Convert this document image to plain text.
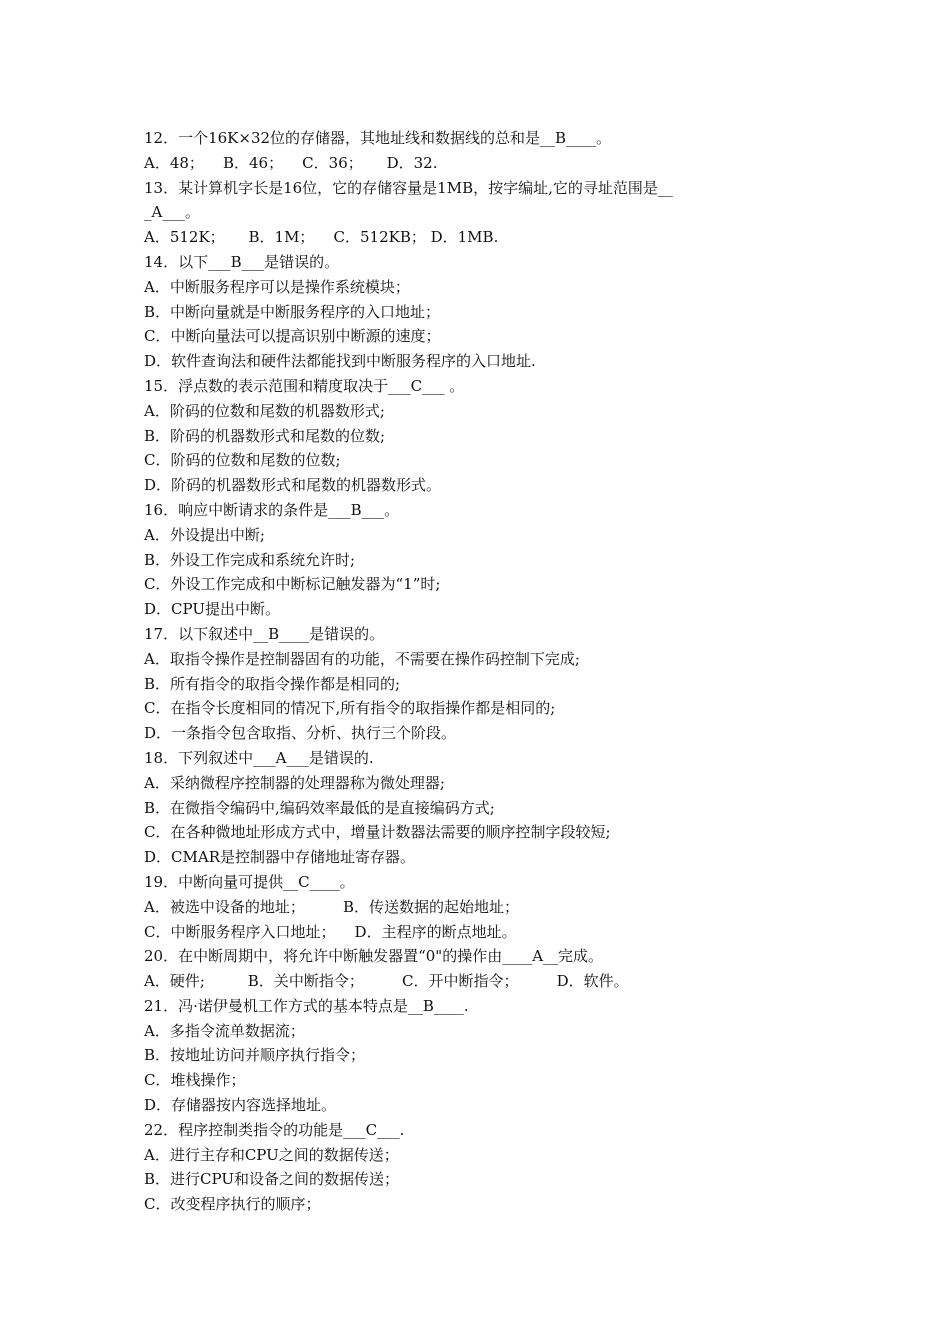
12．一个16K×32位的存储器，其地址线和数据线的总和是__B____。
A．48；    B．46；    C．36；     D．32.
13．某计算机字长是16位，它的存储容量是1MB，按字编址,它的寻址范围是__
_A___。
A．512K；     B．1M；    C．512KB； D．1MB.
14．以下___B___是错误的。
A．中断服务程序可以是操作系统模块；
B．中断向量就是中断服务程序的入口地址；
C．中断向量法可以提高识别中断源的速度；
D．软件查询法和硬件法都能找到中断服务程序的入口地址.
15．浮点数的表示范围和精度取决于___C___ 。
A．阶码的位数和尾数的机器数形式;
B．阶码的机器数形式和尾数的位数;
C．阶码的位数和尾数的位数;
D．阶码的机器数形式和尾数的机器数形式。
16．响应中断请求的条件是___B___。
A．外设提出中断;
B．外设工作完成和系统允许时;
C．外设工作完成和中断标记触发器为“1”时;
D．CPU提出中断。
17．以下叙述中__B____是错误的。
A．取指令操作是控制器固有的功能，不需要在操作码控制下完成;
B．所有指令的取指令操作都是相同的;
C．在指令长度相同的情况下,所有指令的取指操作都是相同的;
D．一条指令包含取指、分析、执行三个阶段。
18．下列叙述中___A___是错误的.
A．采纳微程序控制器的处理器称为微处理器;
B．在微指令编码中,编码效率最低的是直接编码方式;
C．在各种微地址形成方式中，增量计数器法需要的顺序控制字段较短;
D．CMAR是控制器中存储地址寄存器。
19．中断向量可提供__C____。
A．被选中设备的地址；        B．传送数据的起始地址；
C．中断服务程序入口地址；    D．主程序的断点地址。
20．在中断周期中，将允许中断触发器置“0"的操作由____A__完成。
A．硬件;         B．关中断指令；        C．开中断指令；        D．软件。
21．冯·诺伊曼机工作方式的基本特点是__B____.
A．多指令流单数据流；
B．按地址访问并顺序执行指令；
C．堆栈操作；
D．存储器按内容选择地址。
22．程序控制类指令的功能是___C___.
A．进行主存和CPU之间的数据传送；
B．进行CPU和设备之间的数据传送；
C．改变程序执行的顺序；
